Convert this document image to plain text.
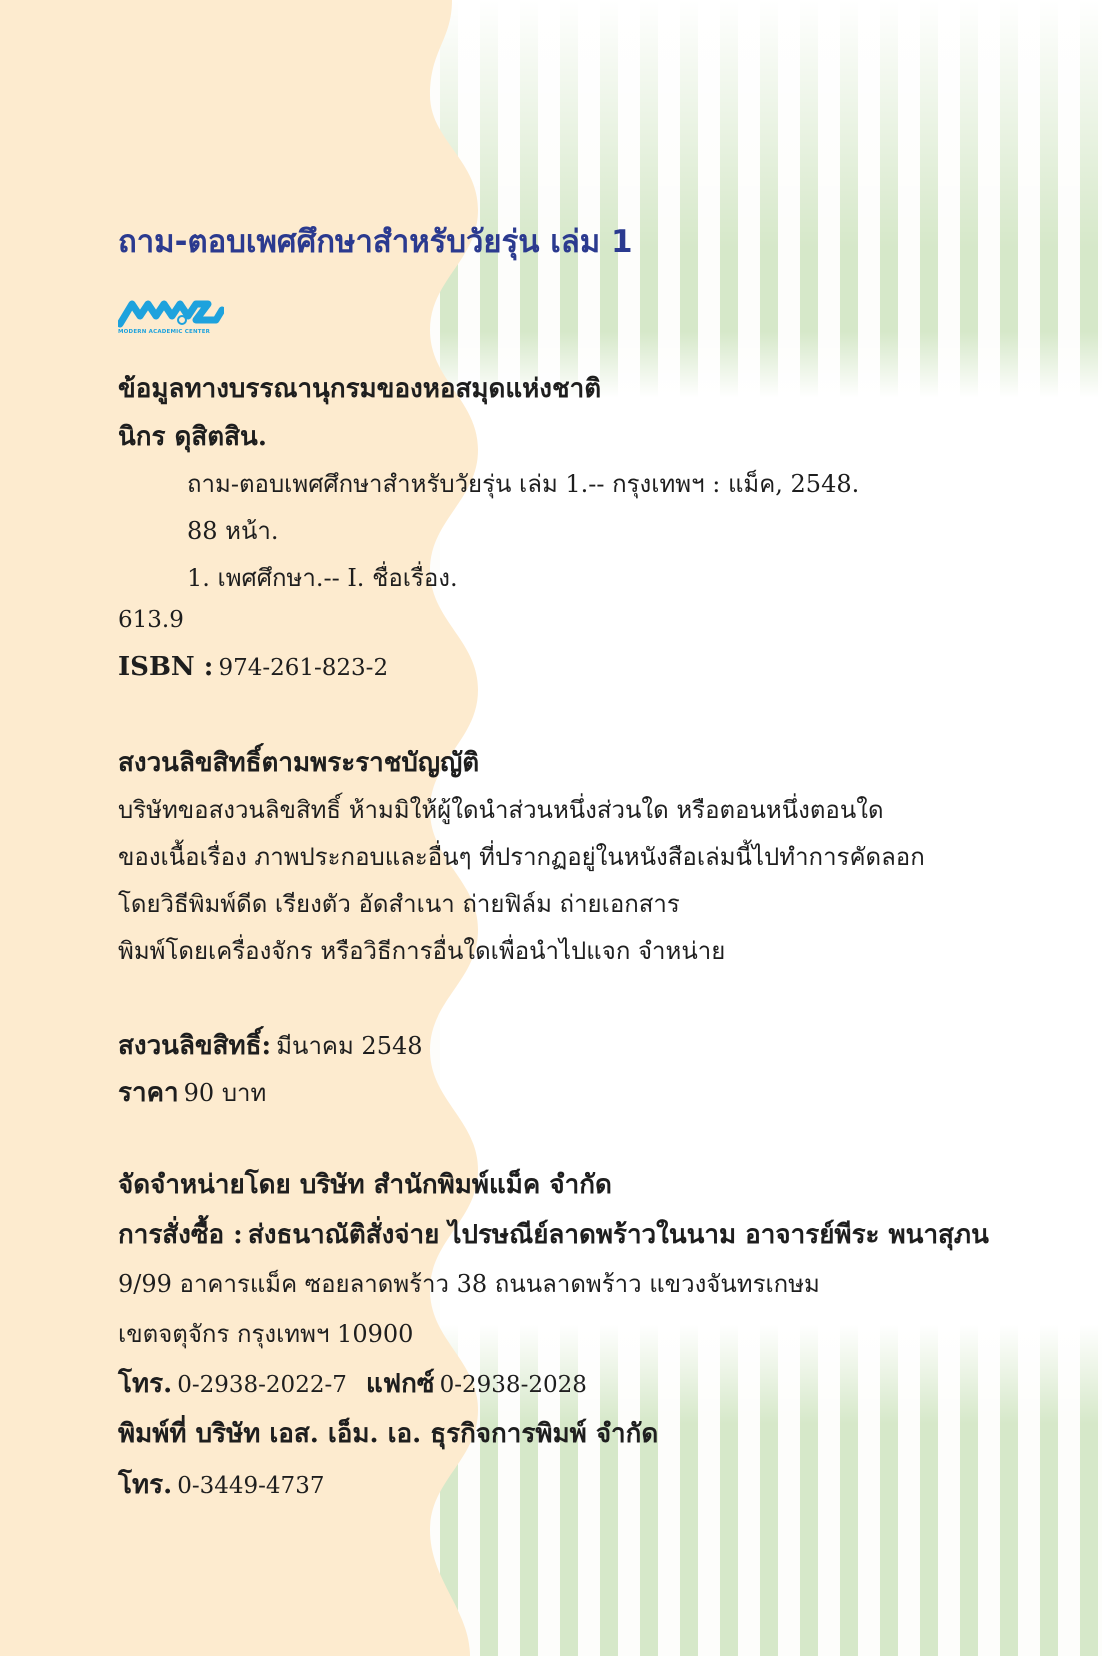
ถาม-ตอบเพศศึกษาสำหรับวัยรุ่น เล่ม 1
MODERN ACADEMIC CENTER
ข้อมูลทางบรรณานุกรมของหอสมุดแห่งชาติ
นิกร ดุสิตสิน.
ถาม-ตอบเพศศึกษาสำหรับวัยรุ่น เล่ม 1.-- กรุงเทพฯ : แม็ค, 2548.
88 หน้า.
1. เพศศึกษา.-- I. ชื่อเรื่อง.
613.9
ISBN : 974-261-823-2
สงวนลิขสิทธิ์ตามพระราชบัญญัติ
บริษัทขอสงวนลิขสิทธิ์ ห้ามมิให้ผู้ใดนำส่วนหนึ่งส่วนใด หรือตอนหนึ่งตอนใด
ของเนื้อเรื่อง ภาพประกอบและอื่นๆ ที่ปรากฏอยู่ในหนังสือเล่มนี้ไปทำการคัดลอก
โดยวิธีพิมพ์ดีด เรียงตัว อัดสำเนา ถ่ายฟิล์ม ถ่ายเอกสาร
พิมพ์โดยเครื่องจักร หรือวิธีการอื่นใดเพื่อนำไปแจก จำหน่าย
สงวนลิขสิทธิ์: มีนาคม 2548
ราคา 90 บาท
จัดจำหน่ายโดย บริษัท สำนักพิมพ์แม็ค จำกัด
การสั่งซื้อ : ส่งธนาณัติสั่งจ่าย ไปรษณีย์ลาดพร้าวในนาม อาจารย์พีระ พนาสุภน
9/99 อาคารแม็ค ซอยลาดพร้าว 38 ถนนลาดพร้าว แขวงจันทรเกษม
เขตจตุจักร กรุงเทพฯ 10900
โทร. 0-2938-2022-7 แฟกซ์ 0-2938-2028
พิมพ์ที่ บริษัท เอส. เอ็ม. เอ. ธุรกิจการพิมพ์ จำกัด
โทร. 0-3449-4737
